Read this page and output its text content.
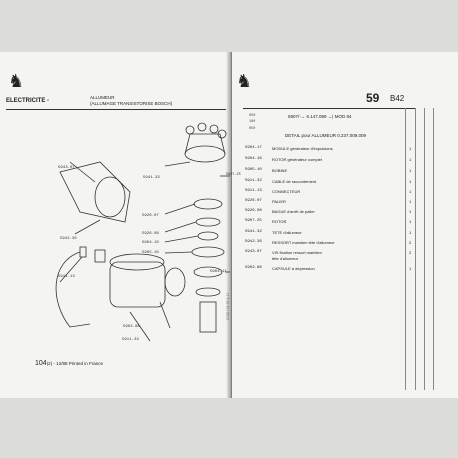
♞	♞
ELECTRICITE -
ALLUMEUR
(ALLUMAGE TRANSISTORISE BOSCH)
5943.07
5942.30
5911.13
5941.33
5907.25
5926.07
5926.08
5904.10
5905.10
5904.11
5902.88
5911.33
104(2) - 12/88 Printed in France
59 B42
5907/-→ 6.147.089 →| MOD 84
DETAIL pour ALLUMEUR 0.237.009.009
050
180
050
5904.17	MODULE générateur d'impulsions	1
5904.16	ROTOR générateur complet	1
5905.10	BOBINE	1
5911.32	CABLE de raccordement	1
5911.13	CONNECTEUR	1
5926.07	PALIER	1
5926.08	BAGUE d'arrêt de palier	1
5907.25	ROTOR	1
5941.32	TETE d'allumeur	1
5942.36	RESSORT maintien tête d'allumeur	2
5943.07	VIS fixation ressort maintien	2
tête d'allumeur
5902.88	CAPSULE à dépression	1
0158 104 69 4-11
